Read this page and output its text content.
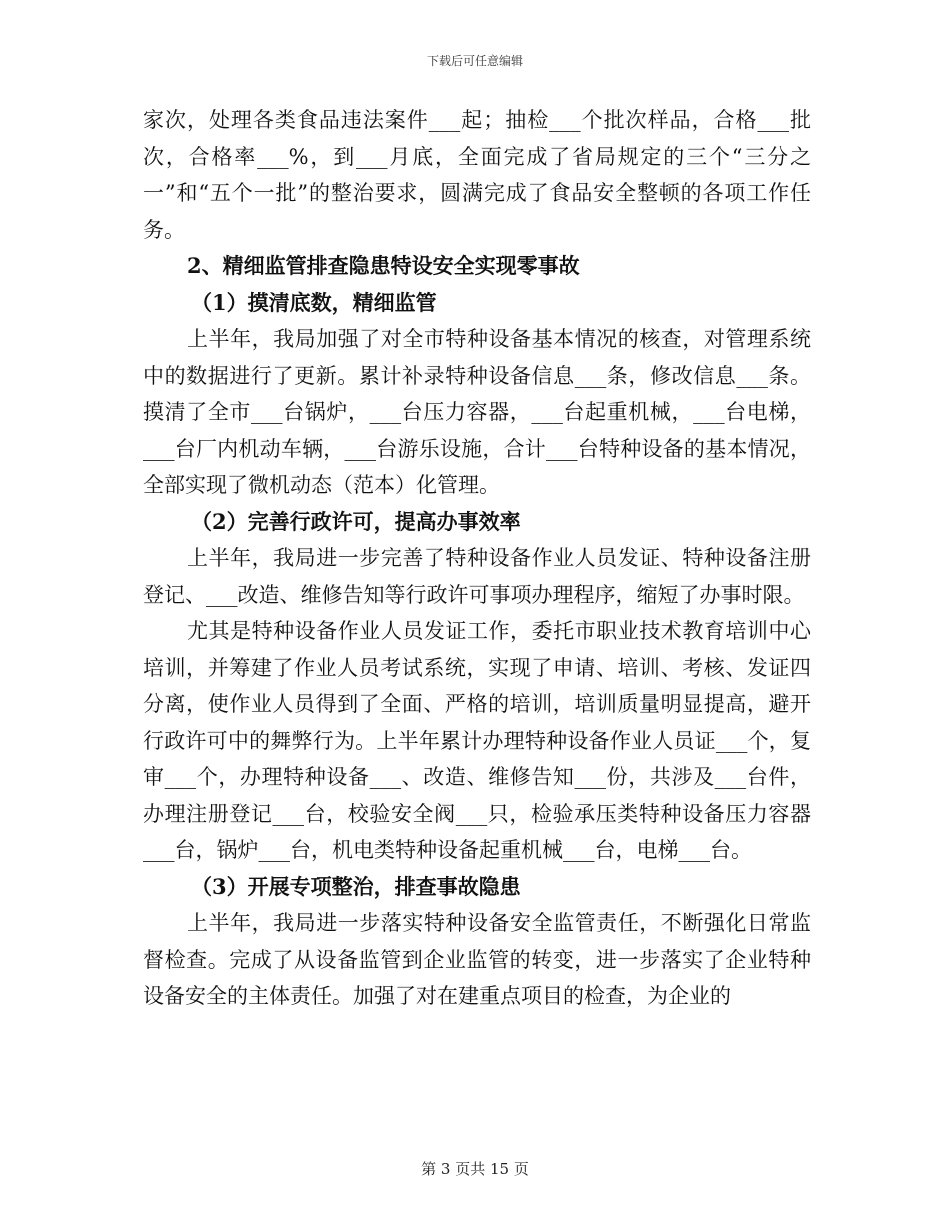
下载后可任意编辑

家次，处理各类食品违法案件___起；抽检___个批次样品，合格___批次，合格率___%，到___月底，全面完成了省局规定的三个“三分之一”和“五个一批”的整治要求，圆满完成了食品安全整顿的各项工作任务。

2、精细监管排查隐患特设安全实现零事故
（1）摸清底数，精细监管

上半年，我局加强了对全市特种设备基本情况的核查，对管理系统中的数据进行了更新。累计补录特种设备信息___条，修改信息___条。摸清了全市___台锅炉，___台压力容器，___台起重机械，___台电梯，___台厂内机动车辆，___台游乐设施，合计___台特种设备的基本情况，全部实现了微机动态（范本）化管理。

（2）完善行政许可，提高办事效率

上半年，我局进一步完善了特种设备作业人员发证、特种设备注册登记、___改造、维修告知等行政许可事项办理程序，缩短了办事时限。

尤其是特种设备作业人员发证工作，委托市职业技术教育培训中心培训，并筹建了作业人员考试系统，实现了申请、培训、考核、发证四分离，使作业人员得到了全面、严格的培训，培训质量明显提高，避开行政许可中的舞弊行为。上半年累计办理特种设备作业人员证___个，复审___个，办理特种设备___、改造、维修告知___份，共涉及___台件，办理注册登记___台，校验安全阀___只，检验承压类特种设备压力容器___台，锅炉___台，机电类特种设备起重机械___台，电梯___台。

（3）开展专项整治，排查事故隐患

上半年，我局进一步落实特种设备安全监管责任，不断强化日常监督检查。完成了从设备监管到企业监管的转变，进一步落实了企业特种设备安全的主体责任。加强了对在建重点项目的检查，为企业的

第 3 页共 15 页
